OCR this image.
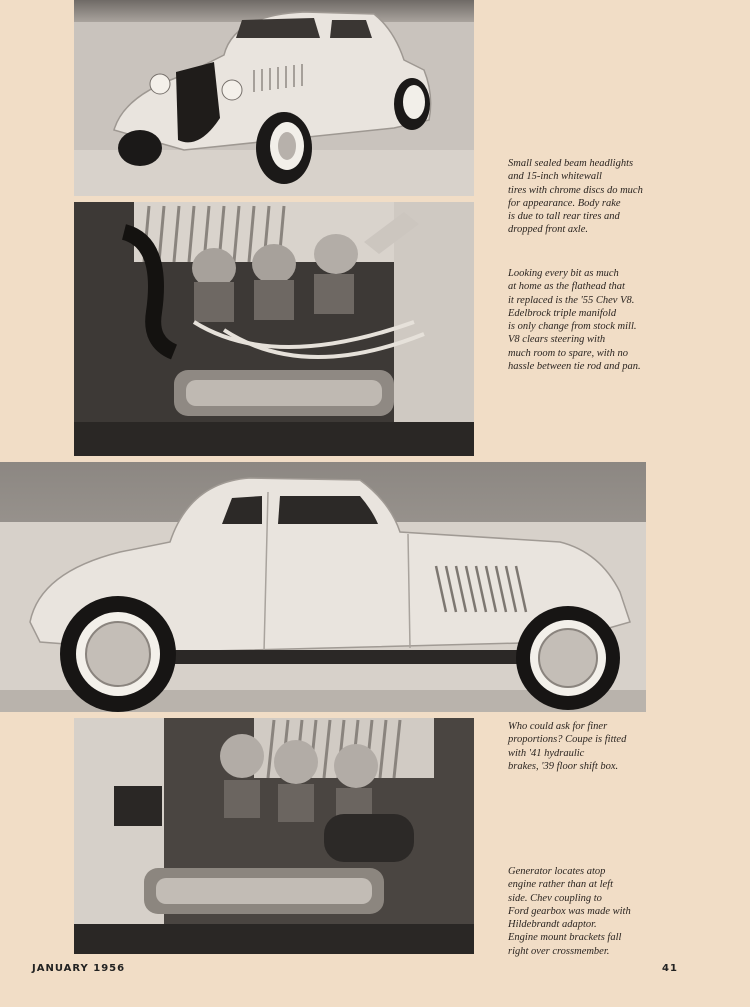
Small sealed beam headlights
and 15-inch whitewall
tires with chrome discs do much
for appearance. Body rake
is due to tall rear tires and
dropped front axle.
Looking every bit as much
at home as the flathead that
it replaced is the '55 Chev V8.
Edelbrock triple manifold
is only change from stock mill.
V8 clears steering with
much room to spare, with no
hassle between tie rod and pan.
Who could ask for finer
proportions? Coupe is fitted
with '41 hydraulic
brakes, '39 floor shift box.
Generator locates atop
engine rather than at left
side. Chev coupling to
Ford gearbox was made with
Hildebrandt adaptor.
Engine mount brackets fall
right over crossmember.
JANUARY 1956	41
